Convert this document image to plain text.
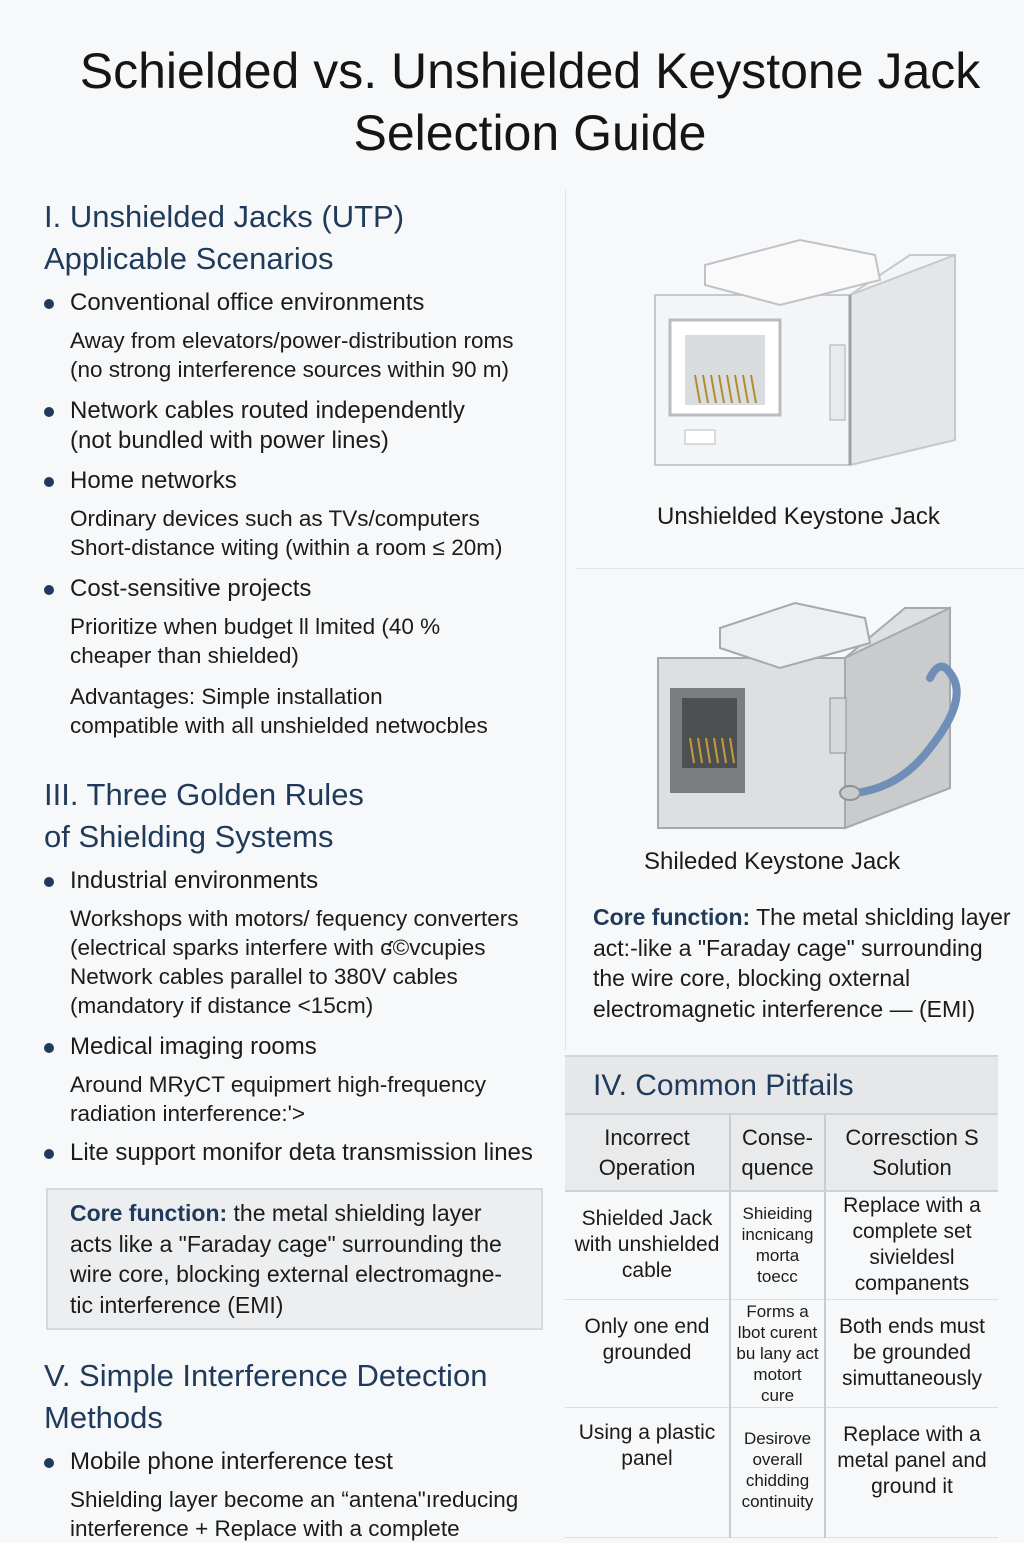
Schielded vs. Unshielded Keystone Jack
Selection Guide
I. Unshielded Jacks (UTP)
Applicable Scenarios
Conventional office environments
Away from elevators/power-distribution roms
(no strong interference sources within 90 m)
Network cables routed independently
(not bundled with power lines)
Home networks
Ordinary devices such as TVs/computers
Short-distance witing (within a room ≤ 20m)
Cost-sensitive projects
Prioritize when budget ll lmited (40 %
cheaper than shielded)
Advantages: Simple installation
compatible with all unshielded netwocbles
III. Three Golden Rules
of Shielding Systems
Industrial environments
Workshops with motors/ fequency converters
(electrical sparks interfere with ʛ©vcupies
Network cables parallel to 380V cables
(mandatory if distance <15cm)
Medical imaging rooms
Around MRyCT equipmert high-frequency
radiation interference:'>
Lite support monifor deta transmission lines
Core function: the metal shielding layer acts like a "Faraday cage" surrounding the wire core, blocking external electromagne-tic interference (EMI)
V. Simple Interference Detection
Methods
Mobile phone interference test
Shielding layer become an “antena"ıreducing
interference + Replace with a complete
Unshielded Keystone Jack
Shileded Keystone Jack
Core function: The metal shiclding layer act:-like a "Faraday cage" surrounding the wire core, blocking oxternal electromagnetic interference — (EMI)
IV. Common Pitfails
Incorrect Operation	Conse-quence	Corresction S Solution
Shielded Jack with unshielded cable	Shieiding incnicang morta toecc	Replace with a complete set sivieldesl companents
Only one end grounded	Forms a lbot curent bu lany act motort cure	Both ends must be grounded simuttaneously
Using a plastic panel	Desirove overall chidding continuity	Replace with a metal panel and ground it
